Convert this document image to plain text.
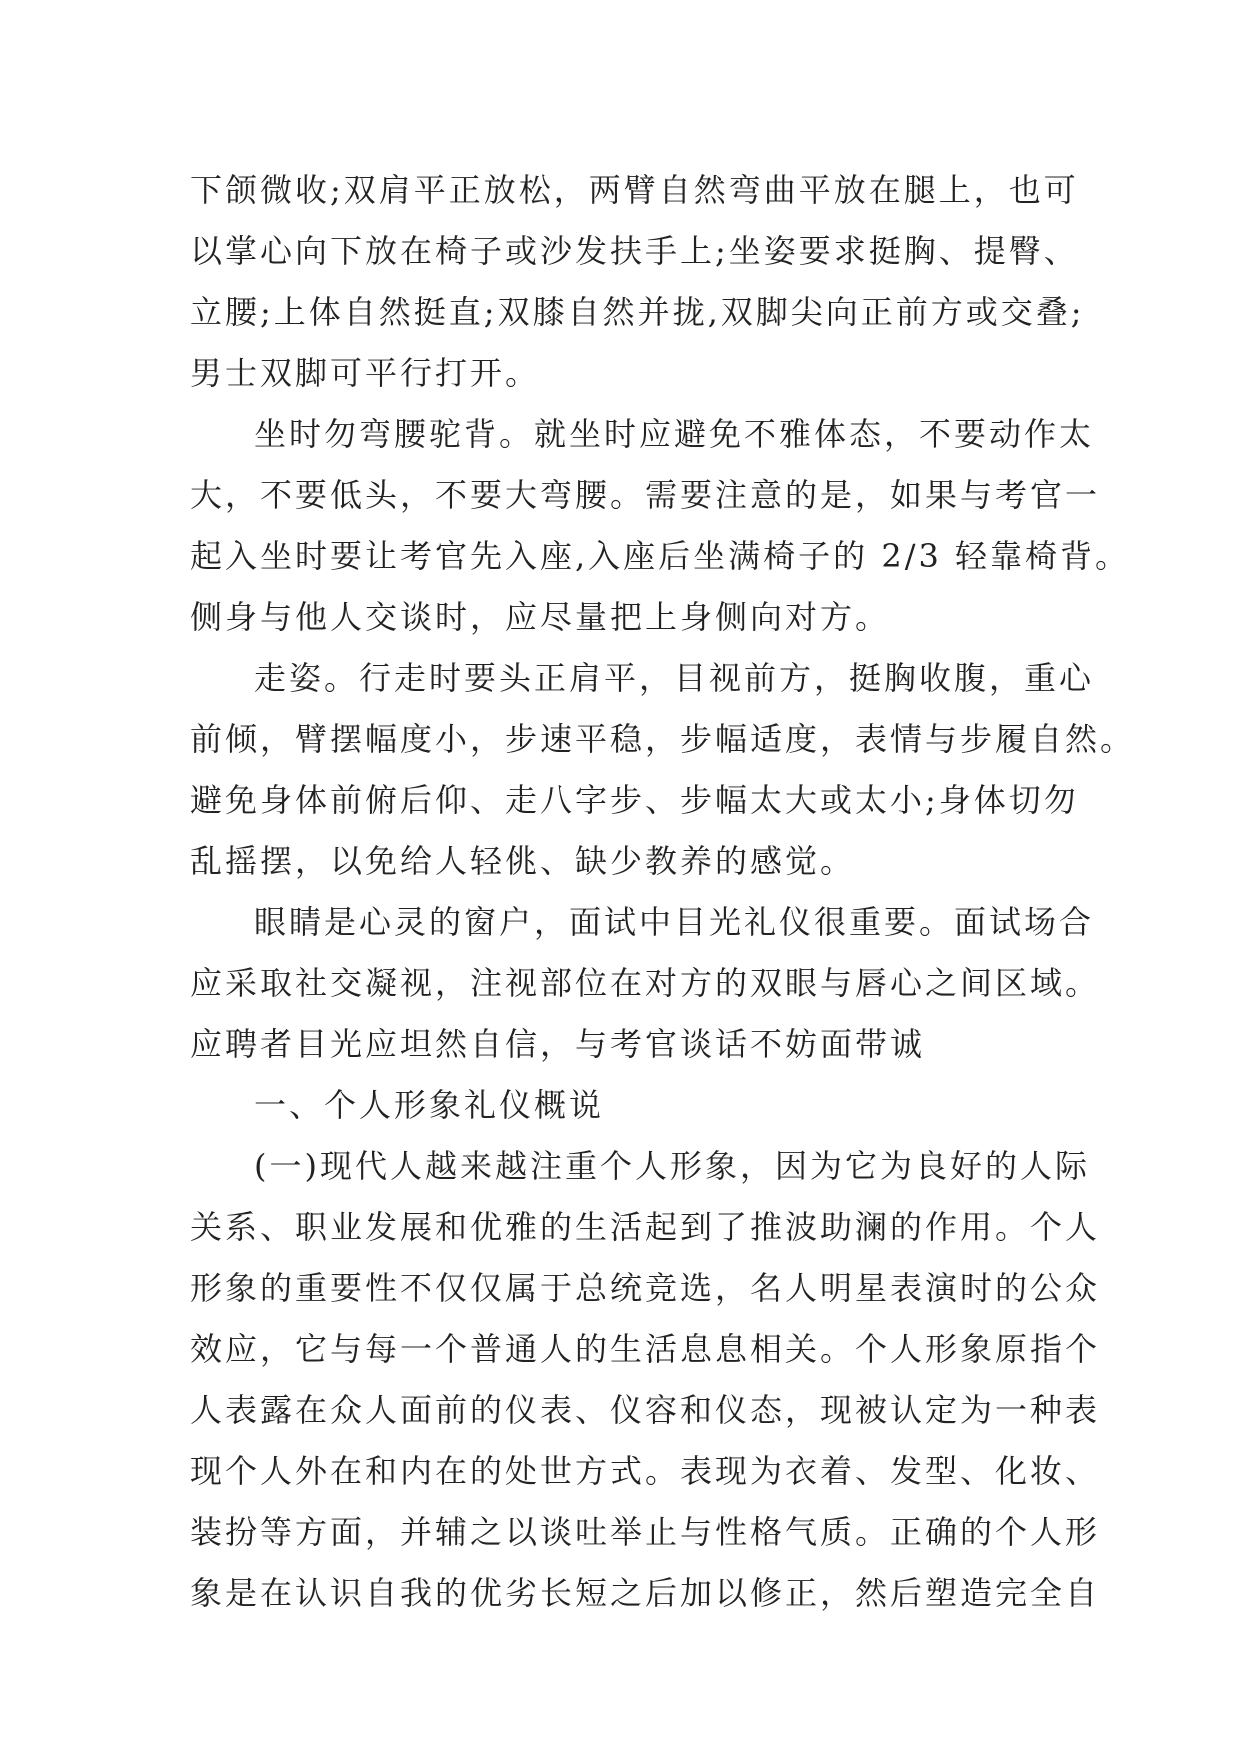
下颌微收;双肩平正放松，两臂自然弯曲平放在腿上，也可
以掌心向下放在椅子或沙发扶手上;坐姿要求挺胸、提臀、
立腰;上体自然挺直;双膝自然并拢,双脚尖向正前方或交叠;
男士双脚可平行打开。
坐时勿弯腰驼背。就坐时应避免不雅体态，不要动作太
大，不要低头，不要大弯腰。需要注意的是，如果与考官一
起入坐时要让考官先入座,入座后坐满椅子的 2/3 轻靠椅背。
侧身与他人交谈时，应尽量把上身侧向对方。
走姿。行走时要头正肩平，目视前方，挺胸收腹，重心
前倾，臂摆幅度小，步速平稳，步幅适度，表情与步履自然。
避免身体前俯后仰、走八字步、步幅太大或太小;身体切勿
乱摇摆，以免给人轻佻、缺少教养的感觉。
眼睛是心灵的窗户，面试中目光礼仪很重要。面试场合
应采取社交凝视，注视部位在对方的双眼与唇心之间区域。
应聘者目光应坦然自信，与考官谈话不妨面带诚
一、个人形象礼仪概说
(一)现代人越来越注重个人形象，因为它为良好的人际
关系、职业发展和优雅的生活起到了推波助澜的作用。个人
形象的重要性不仅仅属于总统竞选，名人明星表演时的公众
效应，它与每一个普通人的生活息息相关。个人形象原指个
人表露在众人面前的仪表、仪容和仪态，现被认定为一种表
现个人外在和内在的处世方式。表现为衣着、发型、化妆、
装扮等方面，并辅之以谈吐举止与性格气质。正确的个人形
象是在认识自我的优劣长短之后加以修正，然后塑造完全自
